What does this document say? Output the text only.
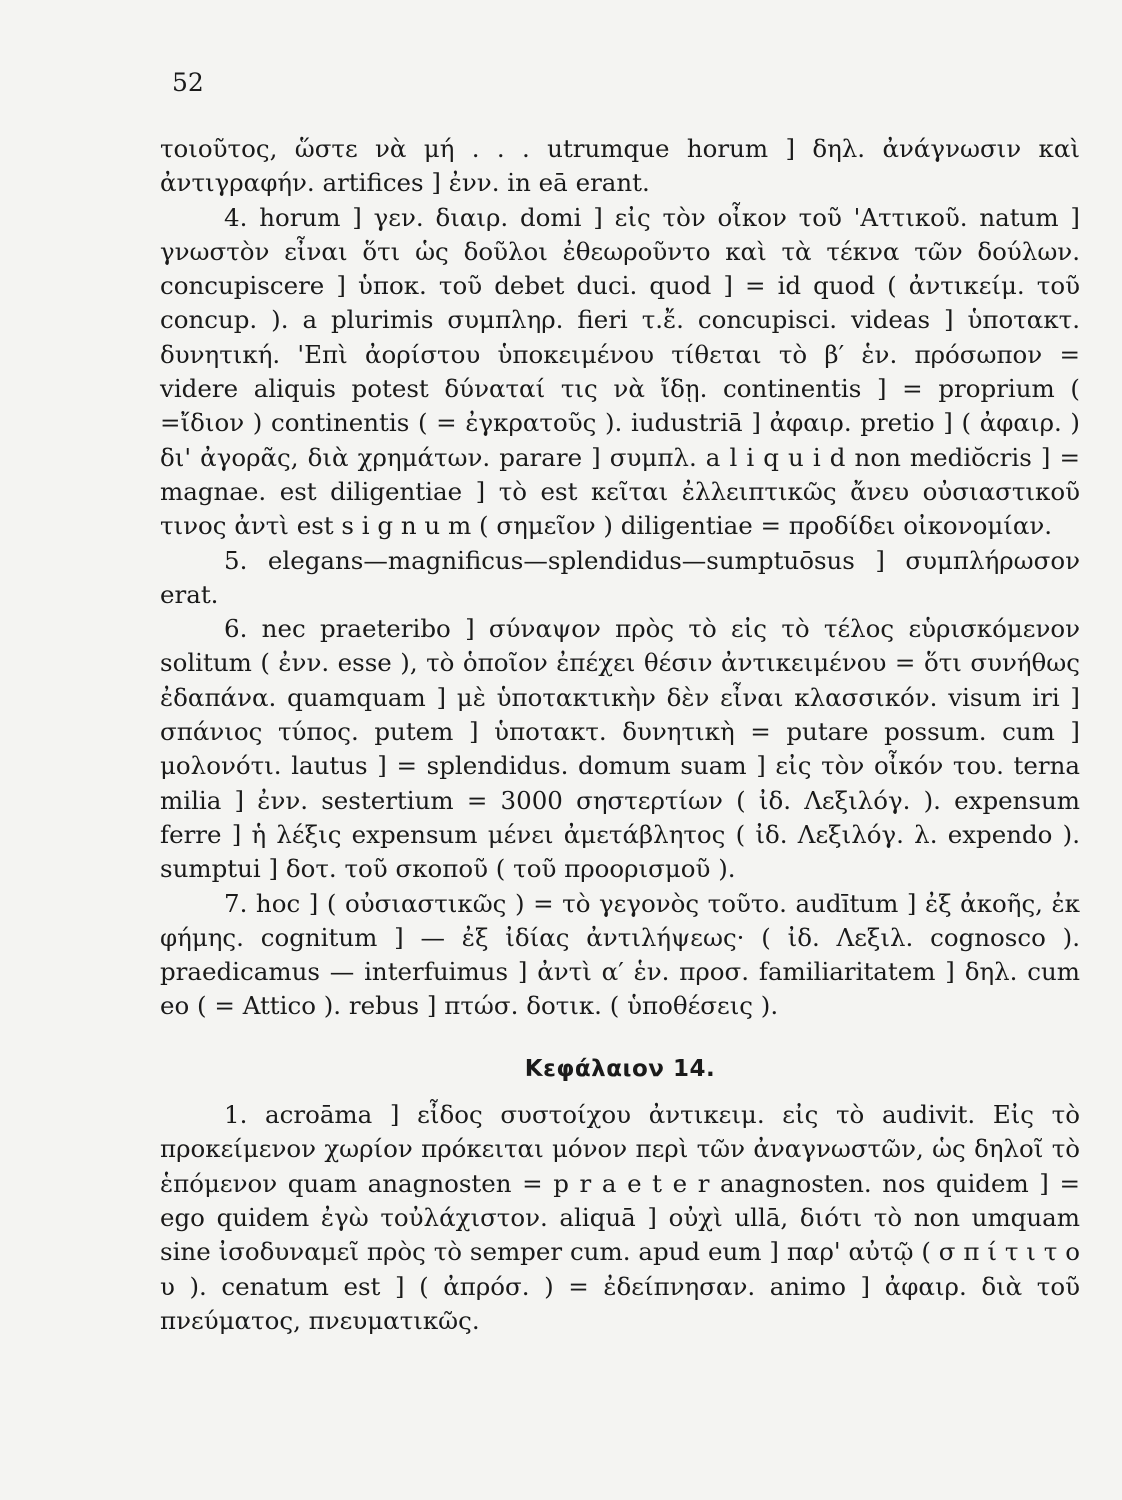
52

τοιοῦτος, ὥστε νὰ μή . . . utrumque horum ] δηλ. ἀνάγνωσιν καὶ ἀντιγραφήν. artifices ] ἐνν. in eā erant.

4. horum ] γεν. διαιρ. domi ] εἰς τὸν οἶκον τοῦ 'Αττικοῦ. natum ] γνωστὸν εἶναι ὅτι ὡς δοῦλοι ἐθεωροῦντο καὶ τὰ τέκνα τῶν δούλων. concupiscere ] ὑποκ. τοῦ debet duci. quod ] = id quod ( ἀντικείμ. τοῦ concup. ). a plurimis συμπληρ. fieri τ.ἔ. concupisci. videas ] ὑποτακτ. δυνητική. 'Επὶ ἀορίστου ὑποκειμένου τίθεται τὸ β′ ἑν. πρόσωπον = videre aliquis potest δύναταί τις νὰ ἴδῃ. continentis ] = proprium ( =ἴδιον ) continentis ( = ἐγκρατοῦς ). iudustriā ] ἀφαιρ. pretio ] ( ἀφαιρ. ) δι' ἀγορᾶς, διὰ χρημάτων. parare ] συμπλ. a l i q u i d non mediŏcris ] = magnae. est diligentiae ] τὸ est κεῖται ἐλλειπτικῶς ἄνευ οὐσιαστικοῦ τινος ἀντὶ est s i g n u m ( σημεῖον ) diligentiae = προδίδει οἰκονομίαν.

5. elegans—magnificus—splendidus—sumptuōsus ] συμπλήρωσον erat.

6. nec praeteribo ] σύναψον πρὸς τὸ εἰς τὸ τέλος εὑρισκόμενον solitum ( ἐνν. esse ), τὸ ὁποῖον ἐπέχει θέσιν ἀντικειμένου = ὅτι συνήθως ἐδαπάνα. quamquam ] μὲ ὑποτακτικὴν δὲν εἶναι κλασσικόν. visum iri ] σπάνιος τύπος. putem ] ὑποτακτ. δυνητικὴ = putare possum. cum ] μολονότι. lautus ] = splendidus. domum suam ] εἰς τὸν οἶκόν του. terna milia ] ἐνν. sestertium = 3000 σηστερτίων ( ἰδ. Λεξιλόγ. ). expensum ferre ] ἡ λέξις expensum μένει ἀμετάβλητος ( ἰδ. Λεξιλόγ. λ. expendo ). sumptui ] δοτ. τοῦ σκοποῦ ( τοῦ προορισμοῦ ).

7. hoc ] ( οὐσιαστικῶς ) = τὸ γεγονὸς τοῦτο. audītum ] ἐξ ἀκοῆς, ἐκ φήμης. cognitum ] — ἐξ ἰδίας ἀντιλήψεως· ( ἰδ. Λεξιλ. cognosco ). praedicamus — interfuimus ] ἀντὶ α′ ἑν. προσ. familiaritatem ] δηλ. cum eo ( = Attico ). rebus ] πτώσ. δοτικ. ( ὑποθέσεις ).

Κεφάλαιον 14.

1. acroāma ] εἶδος συστοίχου ἀντικειμ. εἰς τὸ audivit. Εἰς τὸ προκείμενον χωρίον πρόκειται μόνον περὶ τῶν ἀναγνωστῶν, ὡς δηλοῖ τὸ ἑπόμενον quam anagnosten = p r a e t e r anagnosten. nos quidem ] = ego quidem ἐγὼ τοὐλάχιστον. aliquā ] οὐχὶ ullā, διότι τὸ non umquam sine ἰσοδυναμεῖ πρὸς τὸ semper cum. apud eum ] παρ' αὐτῷ ( σ π ί τ ι τ ο υ ). cenatum est ] ( ἀπρόσ. ) = ἐδείπνησαν. animo ] ἀφαιρ. διὰ τοῦ πνεύματος, πνευματικῶς.
